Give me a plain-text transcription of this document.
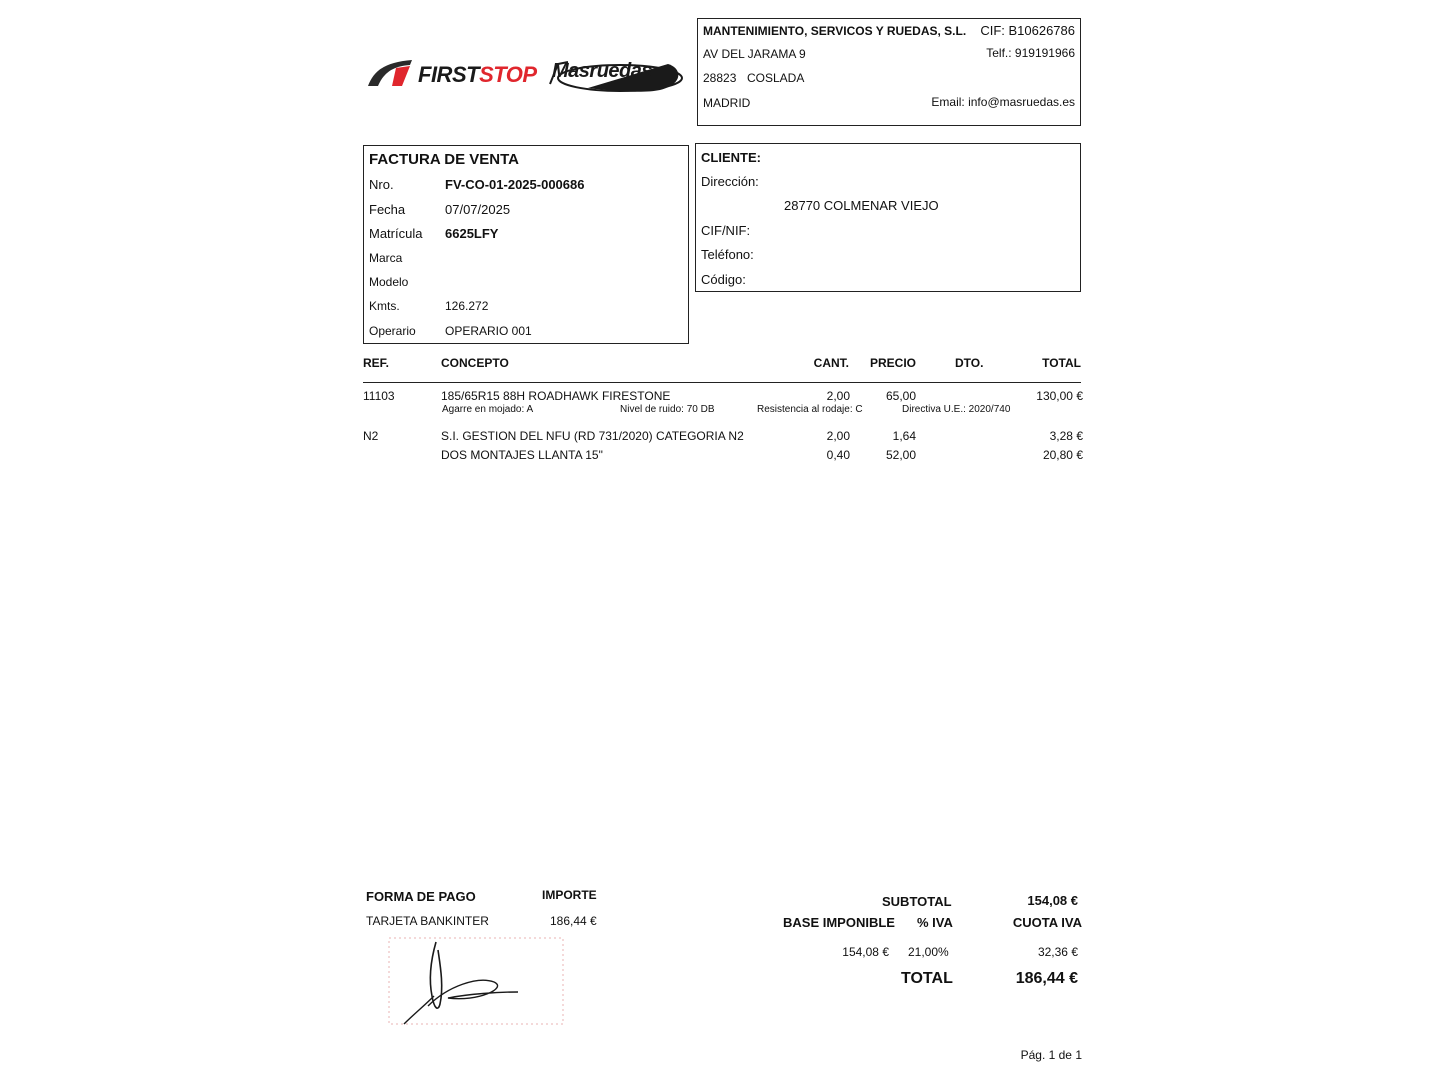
FIRSTSTOP Masruedas
MANTENIMIENTO, SERVICOS Y RUEDAS, S.L. CIF: B10626786
AV DEL JARAMA 9	Telf.: 919191966
28823 COSLADA
MADRID	Email: info@masruedas.es
FACTURA DE VENTA
Nro.	FV-CO-01-2025-000686
Fecha	07/07/2025
Matrícula 6625LFY
Marca
Modelo
Kmts.	126.272
Operario OPERARIO 001
CLIENTE:
Dirección:
28770 COLMENAR VIEJO
CIF/NIF:
Teléfono:
Código:
REF.	CONCEPTO	CANT. PRECIO	DTO.	TOTAL
11103	185/65R15 88H ROADHAWK FIRESTONE	2,00	65,00	130,00 €
Agarre en mojado: A	Nivel de ruido: 70 DB	Resistencia al rodaje: C	Directiva U.E.: 2020/740
N2	S.I. GESTION DEL NFU (RD 731/2020) CATEGORIA N2	2,00	1,64	3,28 €
DOS MONTAJES LLANTA 15"	0,40	52,00	20,80 €
FORMA DE PAGO	IMPORTE
TARJETA BANKINTER	186,44 €
SUBTOTAL	154,08 €
BASE IMPONIBLE % IVA	CUOTA IVA
154,08 € 21,00%	32,36 €
TOTAL	186,44 €
Pág. 1 de 1
